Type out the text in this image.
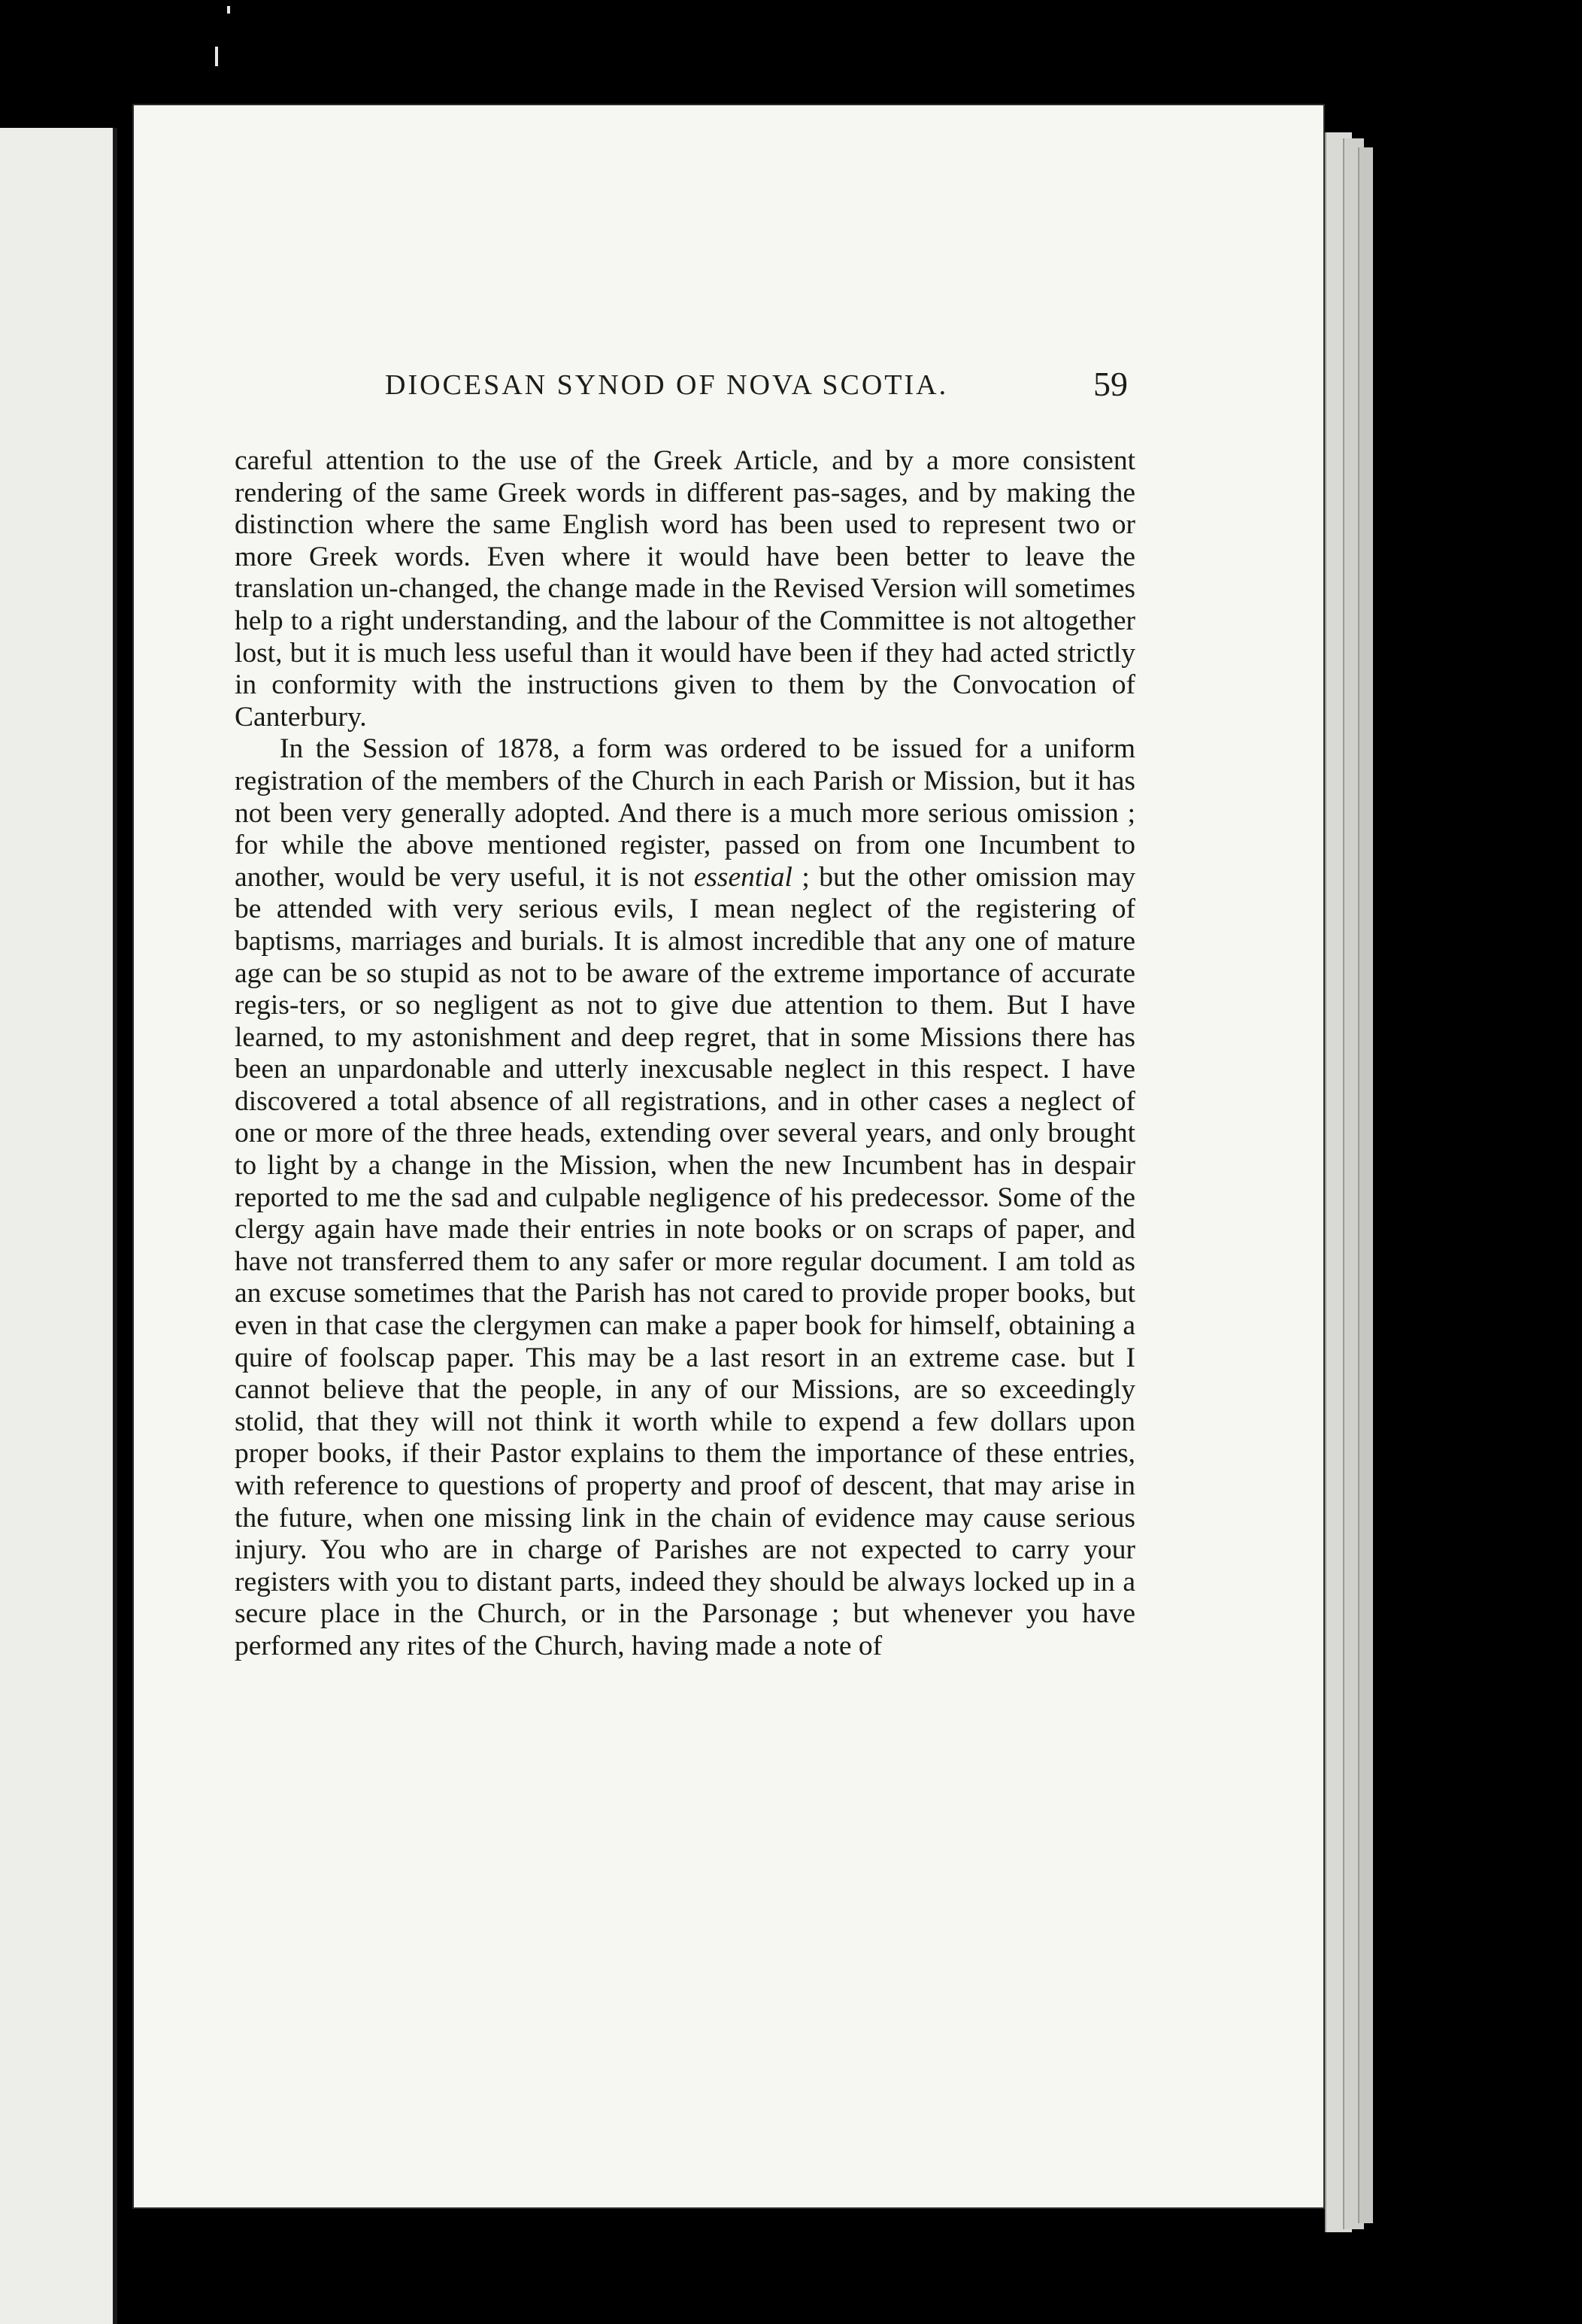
DIOCESAN SYNOD OF NOVA SCOTIA.	59

careful attention to the use of the Greek Article, and by a more consistent rendering of the same Greek words in different pas-sages, and by making the distinction where the same English word has been used to represent two or more Greek words. Even where it would have been better to leave the translation un-changed, the change made in the Revised Version will sometimes help to a right understanding, and the labour of the Committee is not altogether lost, but it is much less useful than it would have been if they had acted strictly in conformity with the instructions given to them by the Convocation of Canterbury.

In the Session of 1878, a form was ordered to be issued for a uniform registration of the members of the Church in each Parish or Mission, but it has not been very generally adopted. And there is a much more serious omission ; for while the above mentioned register, passed on from one Incumbent to another, would be very useful, it is not essential ; but the other omission may be attended with very serious evils, I mean neglect of the registering of baptisms, marriages and burials. It is almost incredible that any one of mature age can be so stupid as not to be aware of the extreme importance of accurate regis-ters, or so negligent as not to give due attention to them. But I have learned, to my astonishment and deep regret, that in some Missions there has been an unpardonable and utterly inexcusable neglect in this respect. I have discovered a total absence of all registrations, and in other cases a neglect of one or more of the three heads, extending over several years, and only brought to light by a change in the Mission, when the new Incumbent has in despair reported to me the sad and culpable negligence of his predecessor. Some of the clergy again have made their entries in note books or on scraps of paper, and have not transferred them to any safer or more regular document. I am told as an excuse sometimes that the Parish has not cared to provide proper books, but even in that case the clergymen can make a paper book for himself, obtaining a quire of foolscap paper. This may be a last resort in an extreme case. but I cannot believe that the people, in any of our Missions, are so exceedingly stolid, that they will not think it worth while to expend a few dollars upon proper books, if their Pastor explains to them the importance of these entries, with reference to questions of property and proof of descent, that may arise in the future, when one missing link in the chain of evidence may cause serious injury. You who are in charge of Parishes are not expected to carry your registers with you to distant parts, indeed they should be always locked up in a secure place in the Church, or in the Parsonage ; but whenever you have performed any rites of the Church, having made a note of
